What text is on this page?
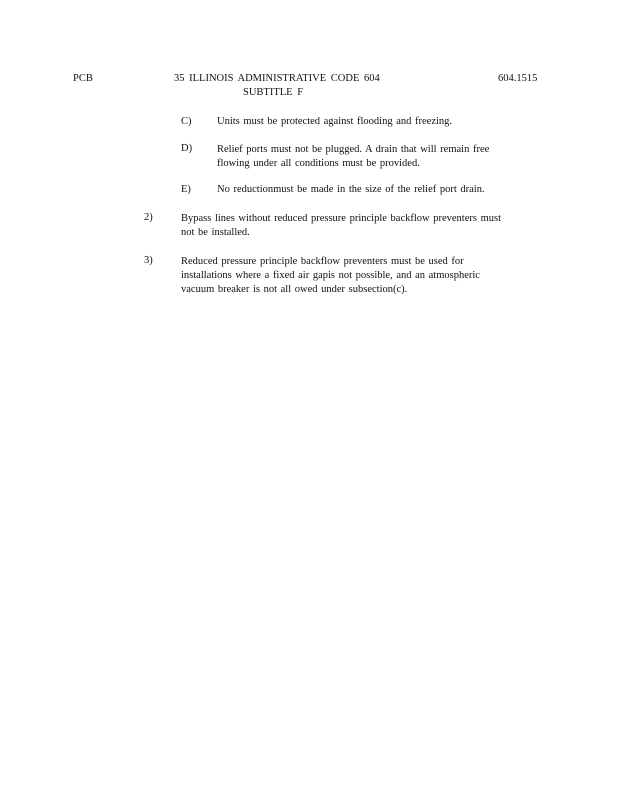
PCB	35 ILLINOIS ADMINISTRATIVE CODE 604
SUBTITLE F
604.1515
C) Units must be protected against flooding and freezing.
D) Relief ports must not be plugged. A drain that will remain free
flowing under all conditions must be provided.
E) No reductionmust be made in the size of the relief port drain.
2)	Bypass lines without reduced pressure principle backflow preventers must
not be installed.
3)	Reduced pressure principle backflow preventers must be used for
installations where a fixed air gapis not possible, and an atmospheric
vacuum breaker is not all owed under subsection(c).
